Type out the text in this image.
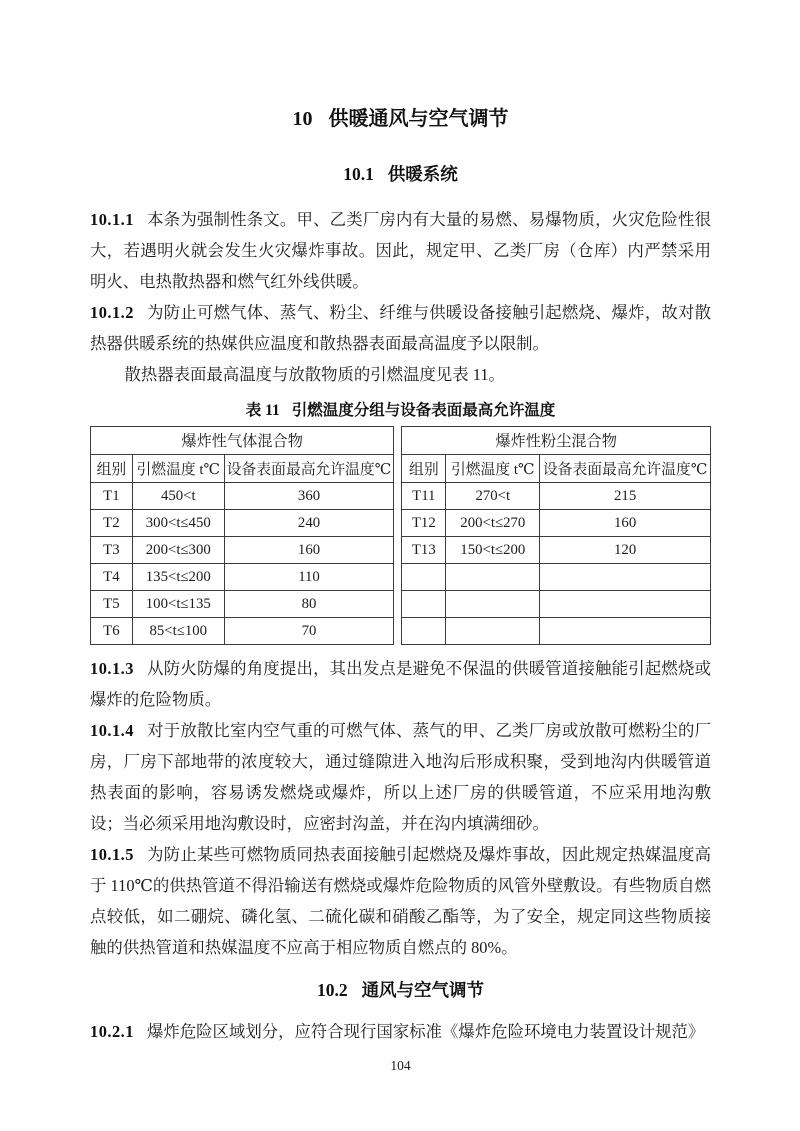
10 供暖通风与空气调节
10.1 供暖系统

10.1.1 本条为强制性条文。甲、乙类厂房内有大量的易燃、易爆物质，火灾危险性很大，若遇明火就会发生火灾爆炸事故。因此，规定甲、乙类厂房（仓库）内严禁采用明火、电热散热器和燃气红外线供暖。

10.1.2 为防止可燃气体、蒸气、粉尘、纤维与供暖设备接触引起燃烧、爆炸，故对散热器供暖系统的热媒供应温度和散热器表面最高温度予以限制。

散热器表面最高温度与放散物质的引燃温度见表 11。

表 11 引燃温度分组与设备表面最高允许温度
爆炸性气体混合物		
组别	引燃温度 t℃	设备表面最高允许温度℃
T1	450<t	360
T2	300<t≤450	240
T3	200<t≤300	160
T4	135<t≤200	110
T5	100<t≤135	80
T6	85<t≤100	70
爆炸性粉尘混合物		
组别	引燃温度 t℃	设备表面最高允许温度℃
T11	270<t	215
T12	200<t≤270	160
T13	150<t≤200	120

10.1.3 从防火防爆的角度提出，其出发点是避免不保温的供暖管道接触能引起燃烧或爆炸的危险物质。

10.1.4 对于放散比室内空气重的可燃气体、蒸气的甲、乙类厂房或放散可燃粉尘的厂房，厂房下部地带的浓度较大，通过缝隙进入地沟后形成积聚，受到地沟内供暖管道热表面的影响，容易诱发燃烧或爆炸，所以上述厂房的供暖管道，不应采用地沟敷设；当必须采用地沟敷设时，应密封沟盖，并在沟内填满细砂。

10.1.5 为防止某些可燃物质同热表面接触引起燃烧及爆炸事故，因此规定热媒温度高于 110℃的供热管道不得沿输送有燃烧或爆炸危险物质的风管外壁敷设。有些物质自燃点较低，如二硼烷、磷化氢、二硫化碳和硝酸乙酯等，为了安全，规定同这些物质接触的供热管道和热媒温度不应高于相应物质自燃点的 80%。

10.2 通风与空气调节

10.2.1 爆炸危险区域划分，应符合现行国家标准《爆炸危险环境电力装置设计规范》

104
